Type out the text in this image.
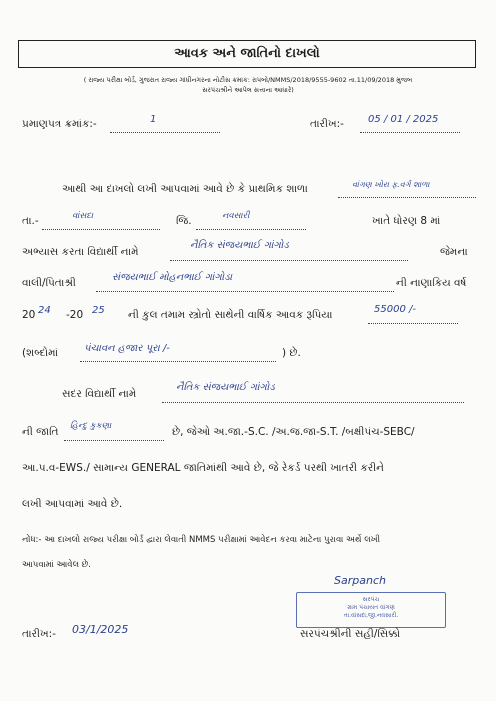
આવક અને જાતિનો દાખલો
( રાજ્ય પરીક્ષા બોર્ડ, ગુજરાત રાજ્ય ગાંધીનગરના નોટીસ ક્રમાંક: રાપબો/NMMS/2018/9555-9602 તા.11/09/2018 મુજબ
સરપંચશ્રીને આપેલ સત્તાના આધારે)
પ્રમાણપત્ર ક્રમાંક:-	1	તારીખ:- 05 / 01 / 2025
આથી આ દાખલો લખી આપવામાં આવે છે કે પ્રાથમિક શાળા	વાંગણ ખોરા ફ.વર્ગ શાળા
તા.-	વાંસદા	જિ.	નવસારી	ખાતે ધોરણ 8 માં
અભ્યાસ કરતા વિદ્યાર્થી નામે
નૈતિક સંજયભાઈ ગાંગોડ
જેમના
વાલી/પિતાશ્રી	સંજયભાઈ મોહનભાઈ ગાંગોડા	ની નાણાકિય વર્ષ
20 24 -20 25 ની કુલ તમામ સ્ત્રોતો સાથેની વાર્ષિક આવક રૂપિયા	55000 /-
(શબ્દોમાં	પંચાવન હજાર પૂરા /-	) છે.
સદર વિદ્યાર્થી નામે
નૈતિક સંજયભાઈ ગાંગોડ
ની જાતિ હિન્દુ કુકણા	છે, જેઓ અ.જા.-S.C. /અ.જ.જા-S.T. /બક્ષીપંચ-SEBC/
આ.પ.વ-EWS./ સામાન્ય GENERAL જાતિમાંથી આવે છે, જે રેકર્ડ પરથી ખાતરી કરીને
લખી આપવામાં આવે છે.
નોંધ:- આ દાખલો રાજ્ય પરીક્ષા બોર્ડ દ્વારા લેવાતી NMMS પરીક્ષામાં આવેદન કરવા માટેના પુરાવા અર્થે લખી
આપવામાં આવેલ છે.
Sarpanch
સરપંચ
ગ્રામ પંચાયત વાંગણ
તા.વાંસદા,જી.નવસારી.
સરપંચશ્રીની સહી/સિક્કો
તારીખ:- 03/1/2025
